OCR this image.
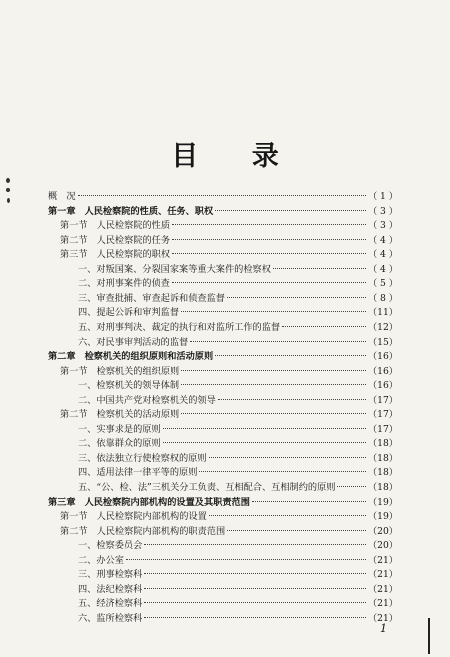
目 录
概　况	（ 1 ）
第一章 人民检察院的性质、任务、职权	（ 3 ）
第一节 人民检察院的性质	（ 3 ）
第二节 人民检察院的任务	（ 4 ）
第三节 人民检察院的职权	（ 4 ）
一、对叛国案、分裂国家案等重大案件的检察权	（ 4 ）
二、对刑事案件的侦查	（ 5 ）
三、审查批捕、审查起诉和侦查监督	（ 8 ）
四、提起公诉和审判监督	（11）
五、对刑事判决、裁定的执行和对监所工作的监督	（12）
六、对民事审判活动的监督	（15）
第二章 检察机关的组织原则和活动原则	（16）
第一节 检察机关的组织原则	（16）
一、检察机关的领导体制	（16）
二、中国共产党对检察机关的领导	（17）
第二节 检察机关的活动原则	（17）
一、实事求是的原则	（17）
二、依靠群众的原则	（18）
三、依法独立行使检察权的原则	（18）
四、适用法律一律平等的原则	（18）
五、“公、检、法”三机关分工负责、互相配合、互相制约的原则	（18）
第三章 人民检察院内部机构的设置及其职责范围	（19）
第一节 人民检察院内部机构的设置	（19）
第二节 人民检察院内部机构的职责范围	（20）
一、检察委员会	（20）
二、办公室	（21）
三、刑事检察科	（21）
四、法纪检察科	（21）
五、经济检察科	（21）
六、监所检察科	（21）
1
